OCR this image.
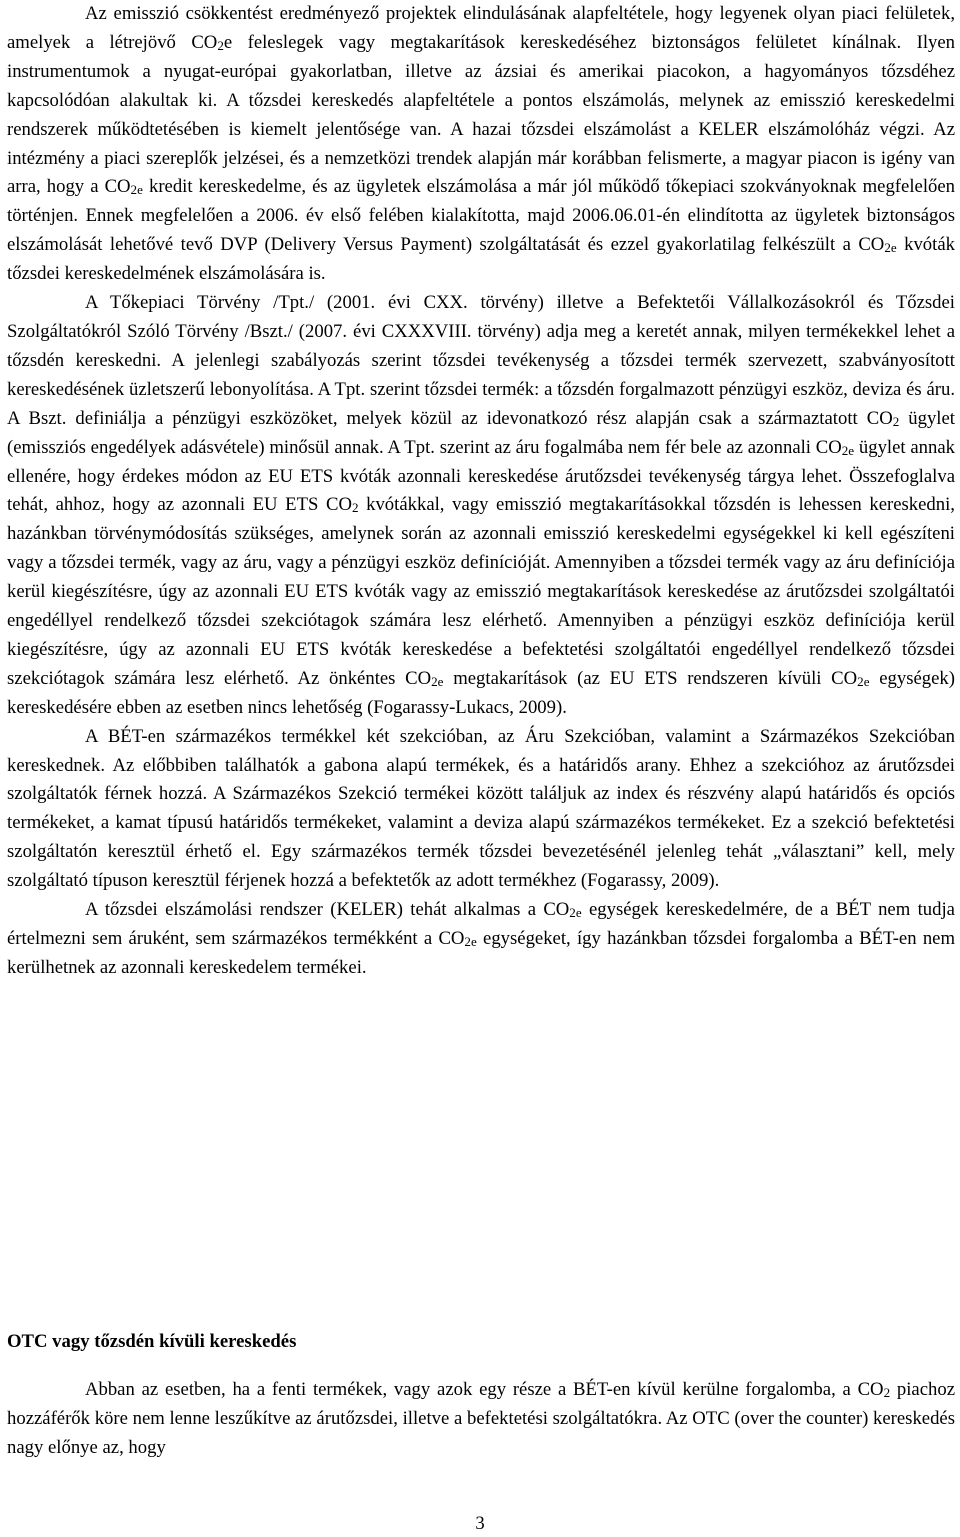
Az emisszió csökkentést eredményező projektek elindulásának alapfeltétele, hogy legyenek olyan piaci felületek, amelyek a létrejövő $CO_2e$ feleslegek vagy megtakarítások kereskedéséhez biztonságos felületet kínálnak. Ilyen instrumentumok a nyugat-európai gyakorlatban, illetve az ázsiai és amerikai piacokon, a hagyományos tőzsdéhez kapcsolódóan alakultak ki. A tőzsdei kereskedés alapfeltétele a pontos elszámolás, melynek az emisszió kereskedelmi rendszerek működtetésében is kiemelt jelentősége van. A hazai tőzsdei elszámolást a KELER elszámolóház végzi. Az intézmény a piaci szereplők jelzései, és a nemzetközi trendek alapján már korábban felismerte, a magyar piacon is igény van arra, hogy a $CO_{2e}$ kredit kereskedelme, és az ügyletek elszámolása a már jól működő tőkepiaci szokványoknak megfelelően történjen. Ennek megfelelően a 2006. év első felében kialakította, majd 2006.06.01-én elindította az ügyletek biztonságos elszámolását lehetővé tevő DVP (Delivery Versus Payment) szolgáltatását és ezzel gyakorlatilag felkészült a $CO_{2e}$ kvóták tőzsdei kereskedelmének elszámolására is.

A Tőkepiaci Törvény /Tpt./ (2001. évi CXX. törvény) illetve a Befektetői Vállalkozásokról és Tőzsdei Szolgáltatókról Szóló Törvény /Bszt./ (2007. évi CXXXVIII. törvény) adja meg a keretét annak, milyen termékekkel lehet a tőzsdén kereskedni. A jelenlegi szabályozás szerint tőzsdei tevékenység a tőzsdei termék szervezett, szabványosított kereskedésének üzletszerű lebonyolítása. A Tpt. szerint tőzsdei termék: a tőzsdén forgalmazott pénzügyi eszköz, deviza és áru. A Bszt. definiálja a pénzügyi eszközöket, melyek közül az idevonatkozó rész alapján csak a származtatott $CO_2$ ügylet (emissziós engedélyek adásvétele) minősül annak. A Tpt. szerint az áru fogalmába nem fér bele az azonnali $CO_{2e}$ ügylet annak ellenére, hogy érdekes módon az EU ETS kvóták azonnali kereskedése árutőzsdei tevékenység tárgya lehet. Összefoglalva tehát, ahhoz, hogy az azonnali EU ETS $CO_2$ kvótákkal, vagy emisszió megtakarításokkal tőzsdén is lehessen kereskedni, hazánkban törvénymódosítás szükséges, amelynek során az azonnali emisszió kereskedelmi egységekkel ki kell egészíteni vagy a tőzsdei termék, vagy az áru, vagy a pénzügyi eszköz definícióját. Amennyiben a tőzsdei termék vagy az áru definíciója kerül kiegészítésre, úgy az azonnali EU ETS kvóták vagy az emisszió megtakarítások kereskedése az árutőzsdei szolgáltatói engedéllyel rendelkező tőzsdei szekciótagok számára lesz elérhető. Amennyiben a pénzügyi eszköz definíciója kerül kiegészítésre, úgy az azonnali EU ETS kvóták kereskedése a befektetési szolgáltatói engedéllyel rendelkező tőzsdei szekciótagok számára lesz elérhető. Az önkéntes $CO_{2e}$ megtakarítások (az EU ETS rendszeren kívüli $CO_{2e}$ egységek) kereskedésére ebben az esetben nincs lehetőség (Fogarassy-Lukacs, 2009).

A BÉT-en származékos termékkel két szekcióban, az Áru Szekcióban, valamint a Származékos Szekcióban kereskednek. Az előbbiben találhatók a gabona alapú termékek, és a határidős arany. Ehhez a szekcióhoz az árutőzsdei szolgáltatók férnek hozzá. A Származékos Szekció termékei között találjuk az index és részvény alapú határidős és opciós termékeket, a kamat típusú határidős termékeket, valamint a deviza alapú származékos termékeket. Ez a szekció befektetési szolgáltatón keresztül érhető el. Egy származékos termék tőzsdei bevezetésénél jelenleg tehát „választani” kell, mely szolgáltató típuson keresztül férjenek hozzá a befektetők az adott termékhez (Fogarassy, 2009).

A tőzsdei elszámolási rendszer (KELER) tehát alkalmas a $CO_{2e}$ egységek kereskedelmére, de a BÉT nem tudja értelmezni sem áruként, sem származékos termékként a $CO_{2e}$ egységeket, így hazánkban tőzsdei forgalomba a BÉT-en nem kerülhetnek az azonnali kereskedelem termékei.

OTC vagy tőzsdén kívüli kereskedés

Abban az esetben, ha a fenti termékek, vagy azok egy része a BÉT-en kívül kerülne forgalomba, a $CO_2$ piachoz hozzáférők köre nem lenne leszűkítve az árutőzsdei, illetve a befektetési szolgáltatókra. Az OTC (over the counter) kereskedés nagy előnye az, hogy

3
